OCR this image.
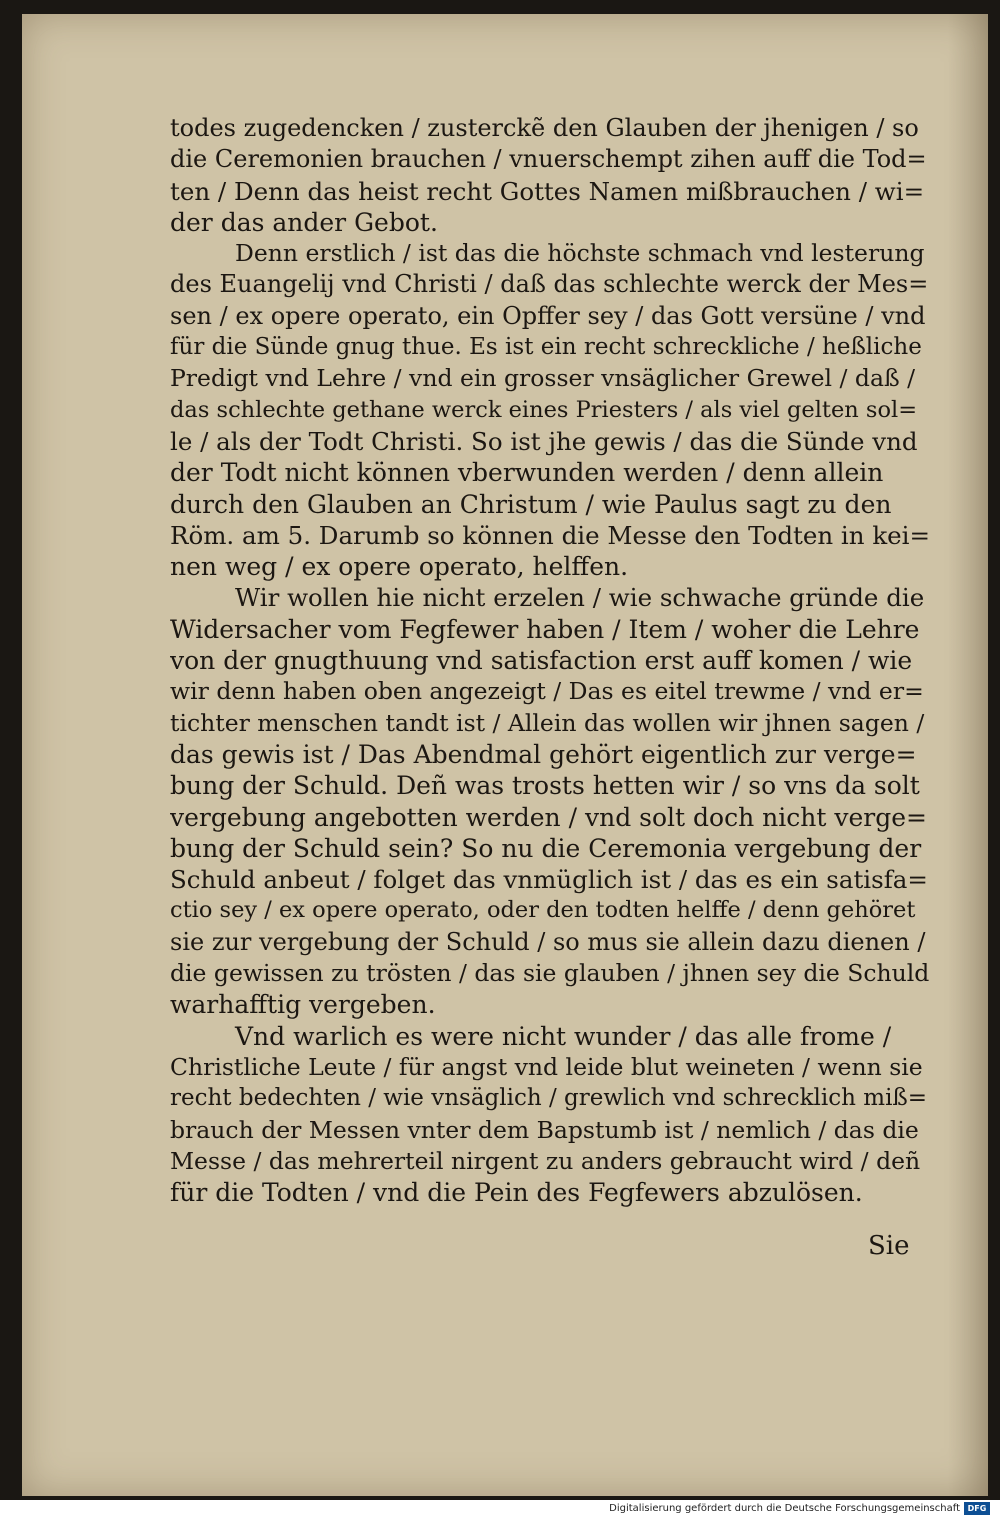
todes zugedencken / zusterckẽ den Glauben der jhenigen / so
die Ceremonien brauchen / vnuerschempt zihen auff die Tod=
ten / Denn das heist recht Gottes Namen mißbrauchen / wi=
der das ander Gebot.
Denn erstlich / ist das die höchste schmach vnd lesterung
des Euangelij vnd Christi / daß das schlechte werck der Mes=
sen / ex opere operato, ein Opffer sey / das Gott versüne / vnd
für die Sünde gnug thue. Es ist ein recht schreckliche / heßliche
Predigt vnd Lehre / vnd ein grosser vnsäglicher Grewel / daß /
das schlechte gethane werck eines Priesters / als viel gelten sol=
le / als der Todt Christi. So ist jhe gewis / das die Sünde vnd
der Todt nicht können vberwunden werden / denn allein
durch den Glauben an Christum / wie Paulus sagt zu den
Röm. am 5. Darumb so können die Messe den Todten in kei=
nen weg / ex opere operato, helffen.
Wir wollen hie nicht erzelen / wie schwache gründe die
Widersacher vom Fegfewer haben / Item / woher die Lehre
von der gnugthuung vnd satisfaction erst auff komen / wie
wir denn haben oben angezeigt / Das es eitel trewme / vnd er=
tichter menschen tandt ist / Allein das wollen wir jhnen sagen /
das gewis ist / Das Abendmal gehört eigentlich zur verge=
bung der Schuld. Deñ was trosts hetten wir / so vns da solt
vergebung angebotten werden / vnd solt doch nicht verge=
bung der Schuld sein? So nu die Ceremonia vergebung der
Schuld anbeut / folget das vnmüglich ist / das es ein satisfa=
ctio sey / ex opere operato, oder den todten helffe / denn gehöret
sie zur vergebung der Schuld / so mus sie allein dazu dienen /
die gewissen zu trösten / das sie glauben / jhnen sey die Schuld
warhafftig vergeben.
Vnd warlich es were nicht wunder / das alle frome /
Christliche Leute / für angst vnd leide blut weineten / wenn sie
recht bedechten / wie vnsäglich / grewlich vnd schrecklich miß=
brauch der Messen vnter dem Bapstumb ist / nemlich / das die
Messe / das mehrerteil nirgent zu anders gebraucht wird / deñ
für die Todten / vnd die Pein des Fegfewers abzulösen.
Sie
Digitalisierung gefördert durch die Deutsche Forschungsgemeinschaft DFG
